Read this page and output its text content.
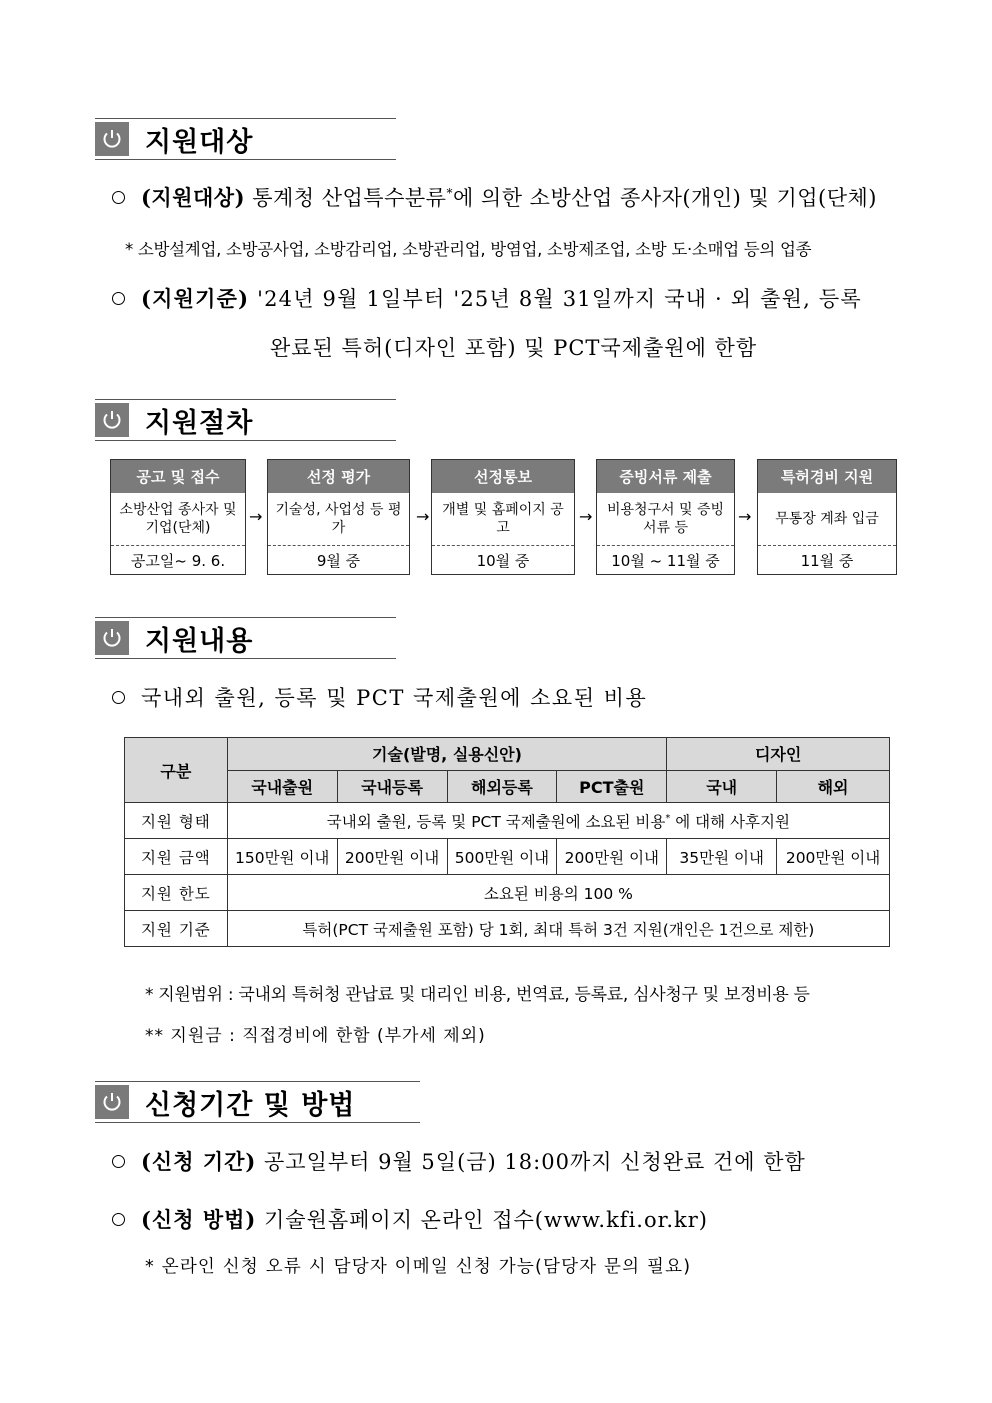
지원대상
(지원대상) 통계청 산업특수분류*에 의한 소방산업 종사자(개인) 및 기업(단체)
* 소방설계업, 소방공사업, 소방감리업, 소방관리업, 방염업, 소방제조업, 소방 도·소매업 등의 업종
(지원기준) '24년 9월 1일부터 '25년 8월 31일까지 국내 · 외 출원, 등록
완료된 특허(디자인 포함) 및 PCT국제출원에 한함
지원절차
공고 및 접수
소방산업 종사자 및 기업(단체)
공고일~ 9. 6.
→
선정 평가
기술성, 사업성 등 평가
9월 중
→
선정통보
개별 및 홈페이지 공고
10월 중
→
증빙서류 제출
비용청구서 및 증빙서류 등
10월 ~ 11월 중
→
특허경비 지원
무통장 계좌 입금
11월 중
지원내용
국내외 출원, 등록 및 PCT 국제출원에 소요된 비용
구분	기술(발명, 실용신안)				디자인	
	국내출원	국내등록	해외등록	PCT출원	국내	해외
지원 형태	국내외 출원, 등록 및 PCT 국제출원에 소요된 비용* 에 대해 사후지원					
지원 금액	150만원 이내	200만원 이내	500만원 이내	200만원 이내	35만원 이내	200만원 이내
지원 한도	소요된 비용의 100 %					
지원 기준	특허(PCT 국제출원 포함) 당 1회, 최대 특허 3건 지원(개인은 1건으로 제한)					
* 지원범위 : 국내외 특허청 관납료 및 대리인 비용, 번역료, 등록료, 심사청구 및 보정비용 등
** 지원금 : 직접경비에 한함 (부가세 제외)
신청기간 및 방법
(신청 기간) 공고일부터 9월 5일(금) 18:00까지 신청완료 건에 한함
(신청 방법) 기술원홈페이지 온라인 접수(www.kfi.or.kr)
* 온라인 신청 오류 시 담당자 이메일 신청 가능(담당자 문의 필요)
